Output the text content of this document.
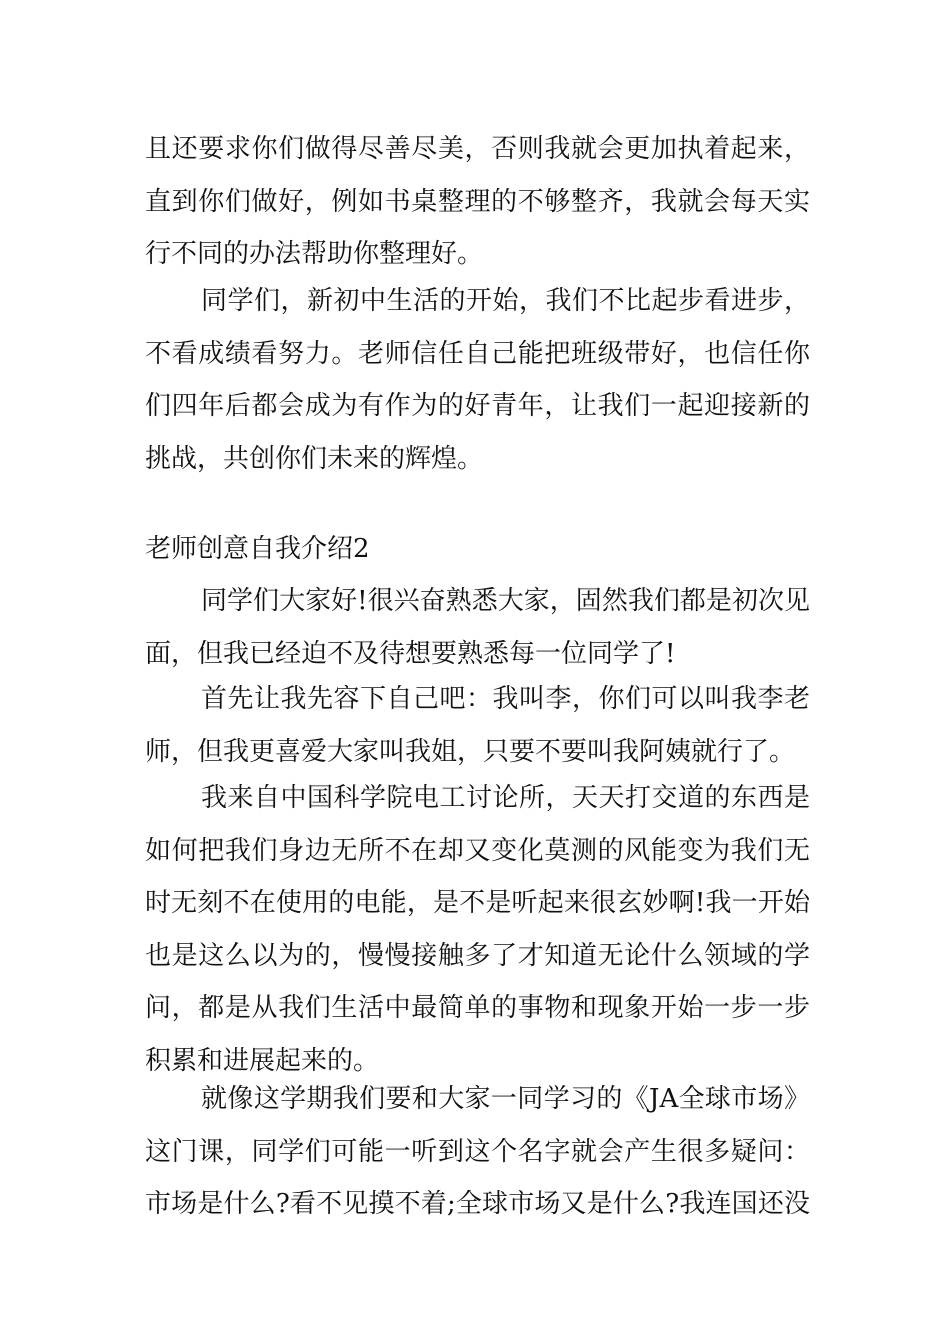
且还要求你们做得尽善尽美，否则我就会更加执着起来，
直到你们做好，例如书桌整理的不够整齐，我就会每天实
行不同的办法帮助你整理好。
同学们，新初中生活的开始，我们不比起步看进步，
不看成绩看努力。老师信任自己能把班级带好，也信任你
们四年后都会成为有作为的好青年，让我们一起迎接新的
挑战，共创你们未来的辉煌。
老师创意自我介绍2
同学们大家好!很兴奋熟悉大家，固然我们都是初次见
面，但我已经迫不及待想要熟悉每一位同学了!
首先让我先容下自己吧：我叫李，你们可以叫我李老
师，但我更喜爱大家叫我姐，只要不要叫我阿姨就行了。
我来自中国科学院电工讨论所，天天打交道的东西是
如何把我们身边无所不在却又变化莫测的风能变为我们无
时无刻不在使用的电能，是不是听起来很玄妙啊!我一开始
也是这么以为的，慢慢接触多了才知道无论什么领域的学
问，都是从我们生活中最简单的事物和现象开始一步一步
积累和进展起来的。
就像这学期我们要和大家一同学习的《JA全球市场》
这门课，同学们可能一听到这个名字就会产生很多疑问：
市场是什么?看不见摸不着;全球市场又是什么?我连国还没
